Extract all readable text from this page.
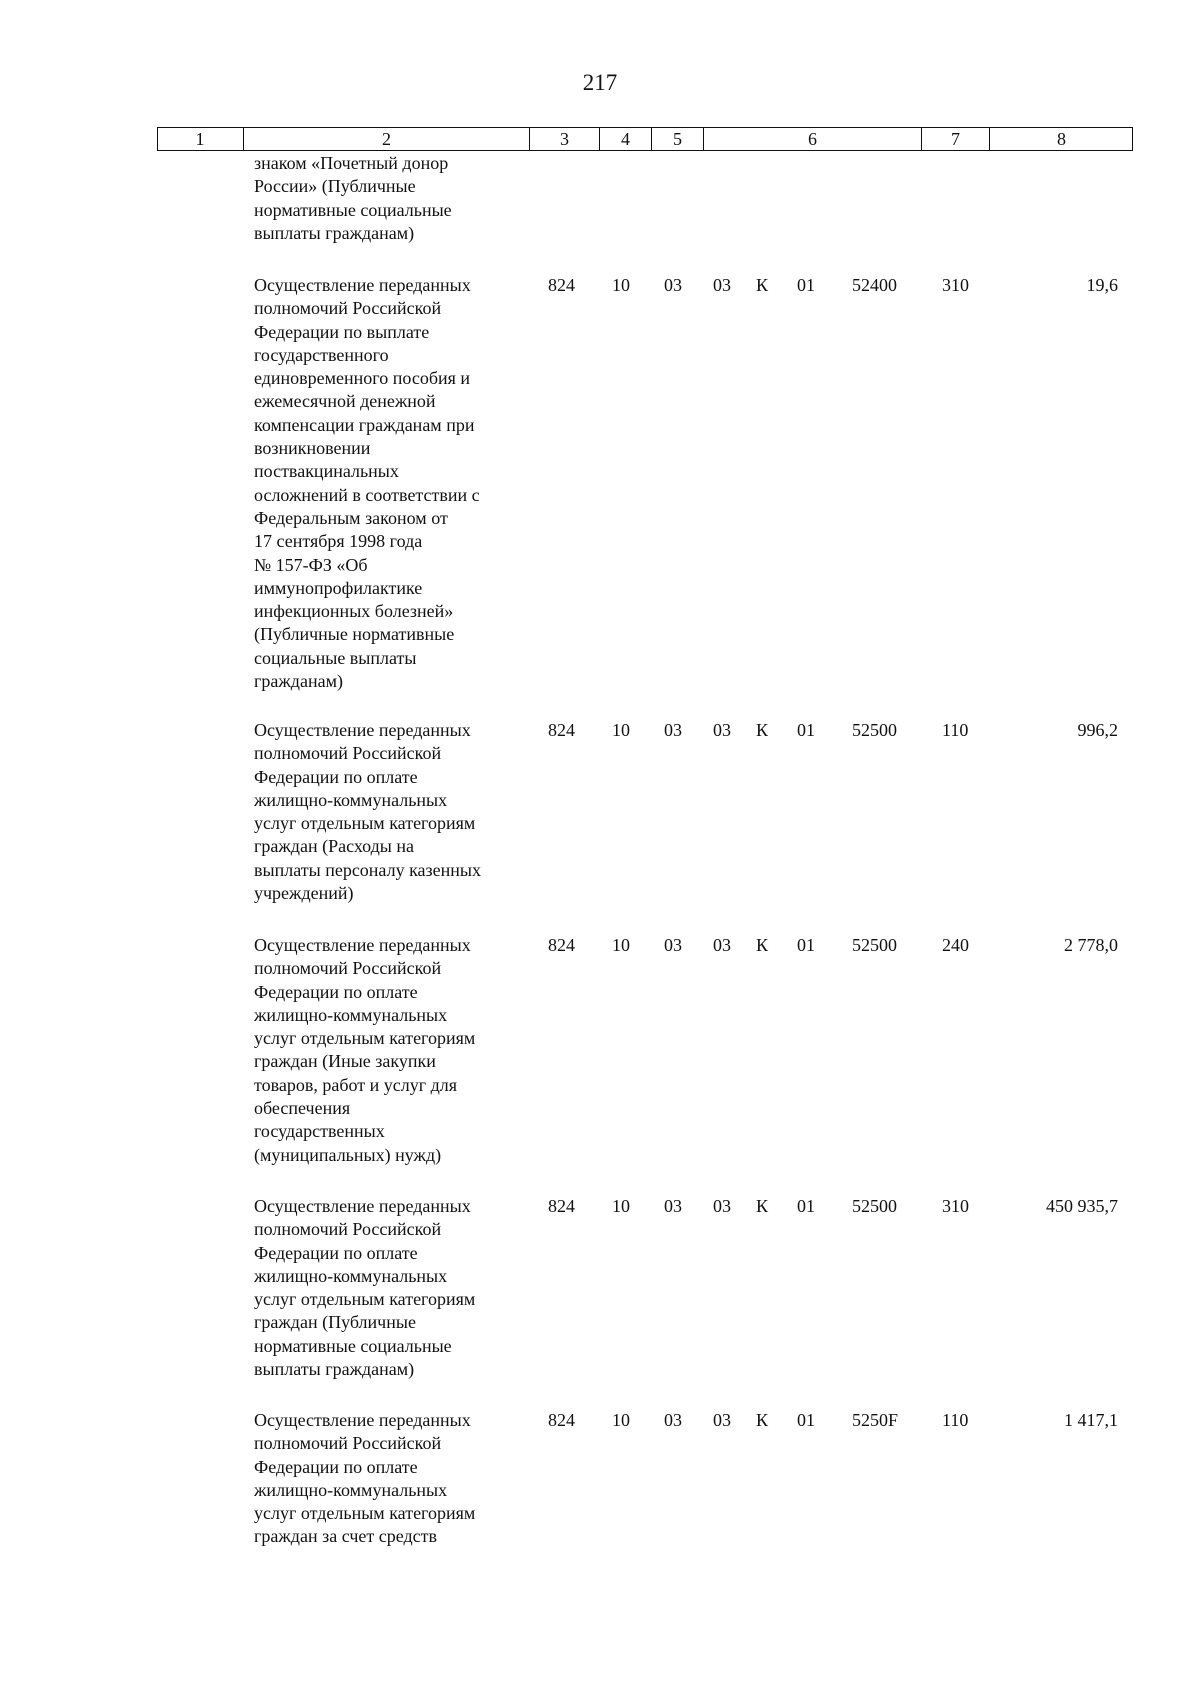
217
1	2	3	4	5	6	7	8
знаком «Почетный донор
России» (Публичные
нормативные социальные
выплаты гражданам)
Осуществление переданных
полномочий Российской
Федерации по выплате
государственного
единовременного пособия и
ежемесячной денежной
компенсации гражданам при
возникновении
поствакцинальных
осложнений в соответствии с
Федеральным законом от
17 сентября 1998 года
№ 157-ФЗ «Об
иммунопрофилактике
инфекционных болезней»
(Публичные нормативные
социальные выплаты
гражданам)
824 10 03 03 К 01 52400	310	19,6
Осуществление переданных
полномочий Российской
Федерации по оплате
жилищно-коммунальных
услуг отдельным категориям
граждан (Расходы на
выплаты персоналу казенных
учреждений)
824 10 03 03 К 01 52500	110	996,2
Осуществление переданных
полномочий Российской
Федерации по оплате
жилищно-коммунальных
услуг отдельным категориям
граждан (Иные закупки
товаров, работ и услуг для
обеспечения
государственных
(муниципальных) нужд)
824 10 03 03 К 01 52500	240	2 778,0
Осуществление переданных
полномочий Российской
Федерации по оплате
жилищно-коммунальных
услуг отдельным категориям
граждан (Публичные
нормативные социальные
выплаты гражданам)
824 10 03 03 К 01 52500	310	450 935,7
Осуществление переданных
полномочий Российской
Федерации по оплате
жилищно-коммунальных
услуг отдельным категориям
граждан за счет средств
824 10 03 03 К 01 5250F 110	1 417,1
